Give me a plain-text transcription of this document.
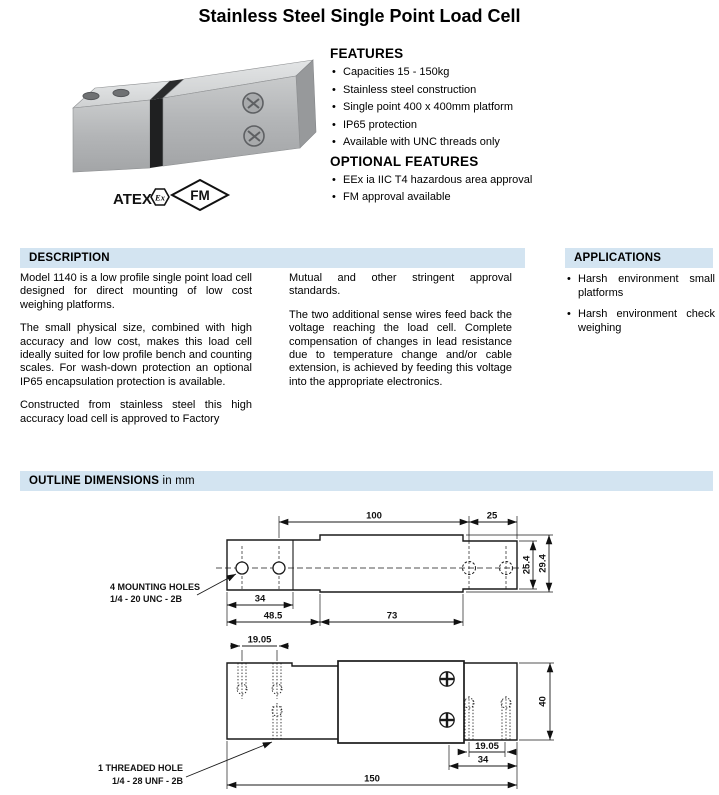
Stainless Steel Single Point Load Cell
ATEX Ex FM
FEATURES
• Capacities 15 - 150kg
• Stainless steel construction
• Single point 400 x 400mm platform
• IP65 protection
• Available with UNC threads only
OPTIONAL FEATURES
• EEx ia IIC T4 hazardous area approval
• FM approval available
DESCRIPTION

Model 1140 is a low profile single point load cell designed for direct mounting of low cost weighing platforms.

The small physical size, combined with high accuracy and low cost, makes this load cell ideally suited for low profile bench and counting scales. For wash-down protection an optional IP65 encapsulation protection is available.

Constructed from stainless steel this high accuracy load cell is approved to Factory

Mutual and other stringent approval standards.

The two additional sense wires feed back the voltage reaching the load cell. Complete compensation of changes in lead resistance due to temperature change and/or cable extension, is achieved by feeding this voltage into the appropriate electronics.

APPLICATIONS
• Harsh environment small platforms
• Harsh environment check weighing
OUTLINE DIMENSIONS in mm
100	25
34
48.5	73
25.4 29.4
4 MOUNTING HOLES
1/4 - 20 UNC - 2B
19.05
40
19.05
34
150
1 THREADED HOLE
1/4 - 28 UNF - 2B
